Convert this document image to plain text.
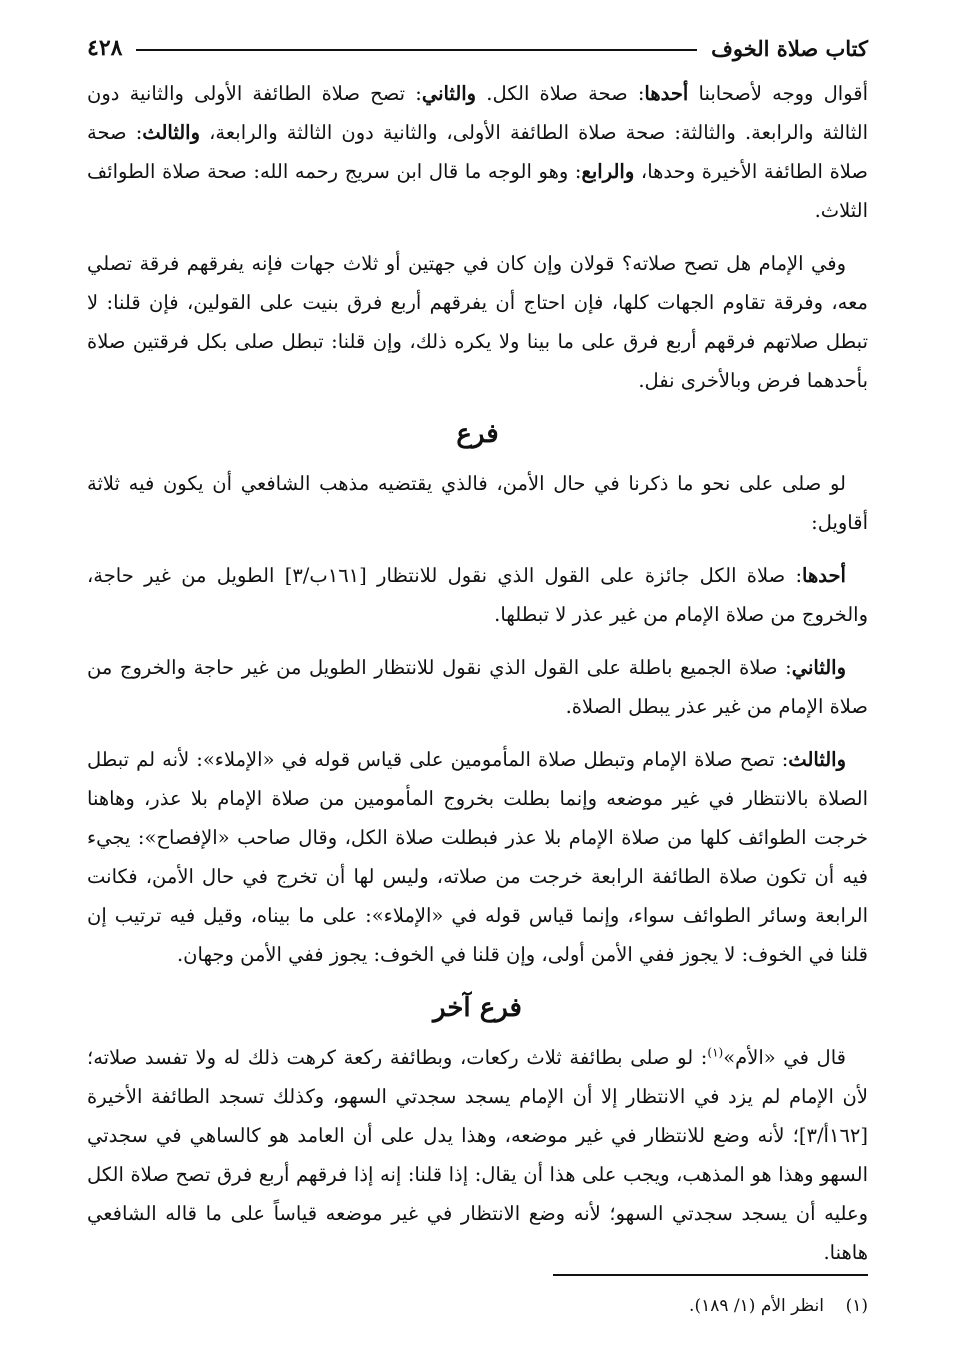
كتاب صلاة الخوف
٤٢٨

أقوال ووجه لأصحابنا أحدها: صحة صلاة الكل. والثاني: تصح صلاة الطائفة الأولى والثانية دون الثالثة والرابعة. والثالثة: صحة صلاة الطائفة الأولى، والثانية دون الثالثة والرابعة، والثالث: صحة صلاة الطائفة الأخيرة وحدها، والرابع: وهو الوجه ما قال ابن سريج رحمه الله: صحة صلاة الطوائف الثلاث.

وفي الإمام هل تصح صلاته؟ قولان وإن كان في جهتين أو ثلاث جهات فإنه يفرقهم فرقة تصلي معه، وفرقة تقاوم الجهات كلها، فإن احتاج أن يفرقهم أربع فرق بنيت على القولين، فإن قلنا: لا تبطل صلاتهم فرقهم أربع فرق على ما بينا ولا يكره ذلك، وإن قلنا: تبطل صلى بكل فرقتين صلاة بأحدهما فرض وبالأخرى نفل.

فرع

لو صلى على نحو ما ذكرنا في حال الأمن، فالذي يقتضيه مذهب الشافعي أن يكون فيه ثلاثة أقاويل:

أحدها: صلاة الكل جائزة على القول الذي نقول للانتظار [١٦١ب/٣] الطويل من غير حاجة، والخروج من صلاة الإمام من غير عذر لا تبطلها.

والثاني: صلاة الجميع باطلة على القول الذي نقول للانتظار الطويل من غير حاجة والخروج من صلاة الإمام من غير عذر يبطل الصلاة.

والثالث: تصح صلاة الإمام وتبطل صلاة المأمومين على قياس قوله في «الإملاء»: لأنه لم تبطل الصلاة بالانتظار في غير موضعه وإنما بطلت بخروج المأمومين من صلاة الإمام بلا عذر، وهاهنا خرجت الطوائف كلها من صلاة الإمام بلا عذر فبطلت صلاة الكل، وقال صاحب «الإفصاح»: يجيء فيه أن تكون صلاة الطائفة الرابعة خرجت من صلاته، وليس لها أن تخرج في حال الأمن، فكانت الرابعة وسائر الطوائف سواء، وإنما قياس قوله في «الإملاء»: على ما بيناه، وقيل فيه ترتيب إن قلنا في الخوف: لا يجوز ففي الأمن أولى، وإن قلنا في الخوف: يجوز ففي الأمن وجهان.

فرع آخر

قال في «الأم»$^{(١)}$: لو صلى بطائفة ثلاث ركعات، وبطائفة ركعة كرهت ذلك له ولا تفسد صلاته؛ لأن الإمام لم يزد في الانتظار إلا أن الإمام يسجد سجدتي السهو، وكذلك تسجد الطائفة الأخيرة [١٦٢أ/٣]؛ لأنه وضع للانتظار في غير موضعه، وهذا يدل على أن العامد هو كالساهي في سجدتي السهو وهذا هو المذهب، ويجب على هذا أن يقال: إذا قلنا: إنه إذا فرقهم أربع فرق تصح صلاة الكل وعليه أن يسجد سجدتي السهو؛ لأنه وضع الانتظار في غير موضعه قياساً على ما قاله الشافعي هاهنا.

(١)    انظر الأم (١/ ١٨٩).
